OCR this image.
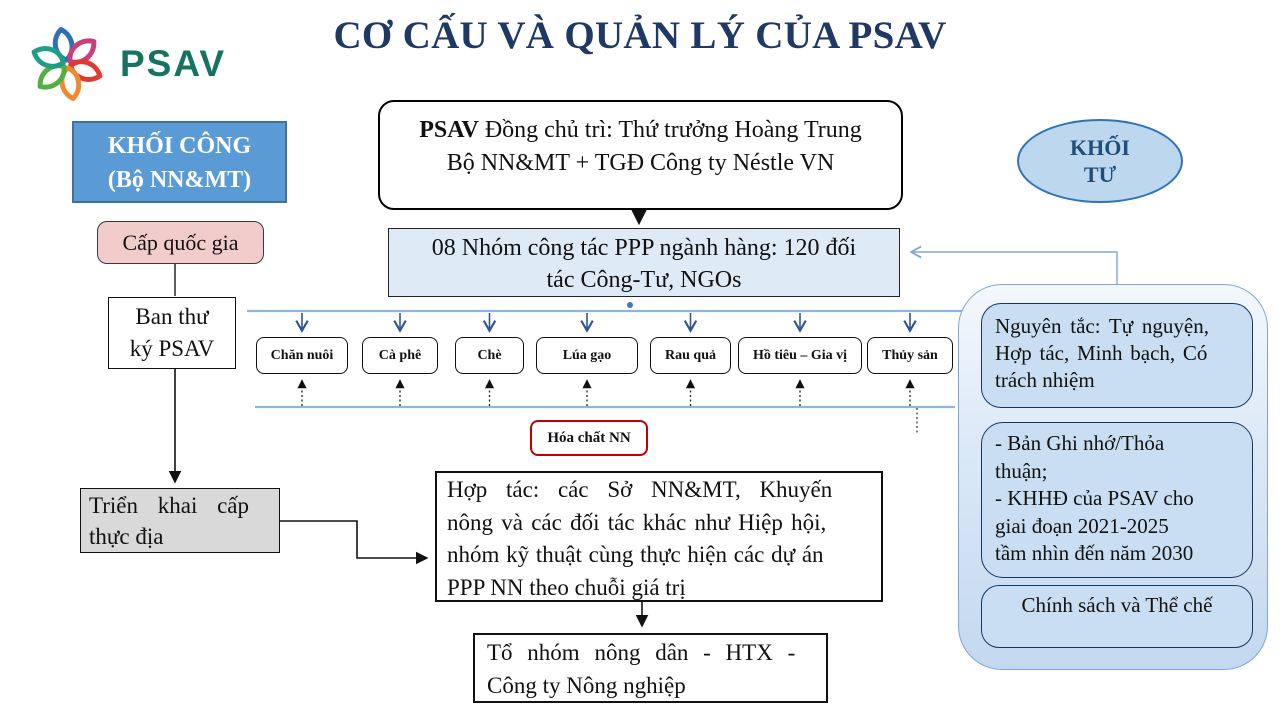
PSAV
CƠ CẤU VÀ QUẢN LÝ CỦA PSAV
KHỐI CÔNG
(Bộ NN&MT)
PSAV Đồng chủ trì: Thứ trưởng Hoàng Trung
Bộ NN&MT + TGĐ Công ty Néstle VN
KHỐI
TƯ
08 Nhóm công tác PPP ngành hàng: 120 đối
tác Công-Tư, NGOs
Cấp quốc gia
Ban thư
ký PSAV
Triển khai cấp
thực địa
Chăn nuôi	Cà phê	Chè	Lúa gạo	Rau quả	Hồ tiêu – Gia vị	Thủy sản
Hóa chất NN
Hợp tác: các Sở NN&MT, Khuyến
nông và các đối tác khác như Hiệp hội,
nhóm kỹ thuật cùng thực hiện các dự án
PPP NN theo chuỗi giá trị
Tổ nhóm nông dân - HTX -
Công ty Nông nghiệp
Nguyên tắc: Tự nguyện,
Hợp tác, Minh bạch, Có
trách nhiệm
- Bản Ghi nhớ/Thỏa
thuận;
- KHHĐ của PSAV cho
giai đoạn 2021-2025
tầm nhìn đến năm 2030
Chính sách và Thể chế
